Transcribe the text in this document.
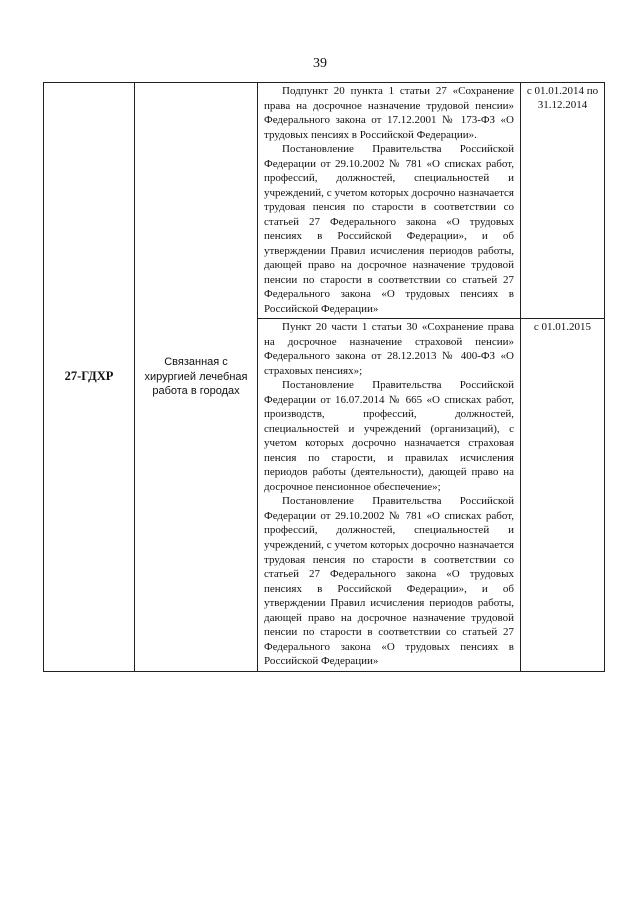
39
27-ГДХР	Связанная с хирургией лечебная работа в городах	Подпункт 20 пункта 1 статьи 27 «Сохранение права на досрочное назначение трудовой пенсии» Федерального закона от 17.12.2001 № 173-ФЗ «О трудовых пенсиях в Российской Федерации».

Постановление Правительства Российской Федерации от 29.10.2002 № 781 «О списках работ, профессий, должностей, специальностей и учреждений, с учетом которых досрочно назначается трудовая пенсия по старости в соответствии со статьей 27 Федерального закона «О трудовых пенсиях в Российской Федерации», и об утверждении Правил исчисления периодов работы, дающей право на досрочное назначение трудовой пенсии по старости в соответствии со статьей 27 Федерального закона «О трудовых пенсиях в Российской Федерации»	с 01.01.2014 по 31.12.2014

		Пункт 20 части 1 статьи 30 «Сохранение права на досрочное назначение страховой пенсии» Федерального закона от 28.12.2013 № 400-ФЗ «О страховых пенсиях»;

Постановление Правительства Российской Федерации от 16.07.2014 № 665 «О списках работ, производств, профессий, должностей, специальностей и учреждений (организаций), с учетом которых досрочно назначается страховая пенсия по старости, и правилах исчисления периодов работы (деятельности), дающей право на досрочное пенсионное обеспечение»;

Постановление Правительства Российской Федерации от 29.10.2002 № 781 «О списках работ, профессий, должностей, специальностей и учреждений, с учетом которых досрочно назначается трудовая пенсия по старости в соответствии со статьей 27 Федерального закона «О трудовых пенсиях в Российской Федерации», и об утверждении Правил исчисления периодов работы, дающей право на досрочное назначение трудовой пенсии по старости в соответствии со статьей 27 Федерального закона «О трудовых пенсиях в Российской Федерации»	с 01.01.2015
